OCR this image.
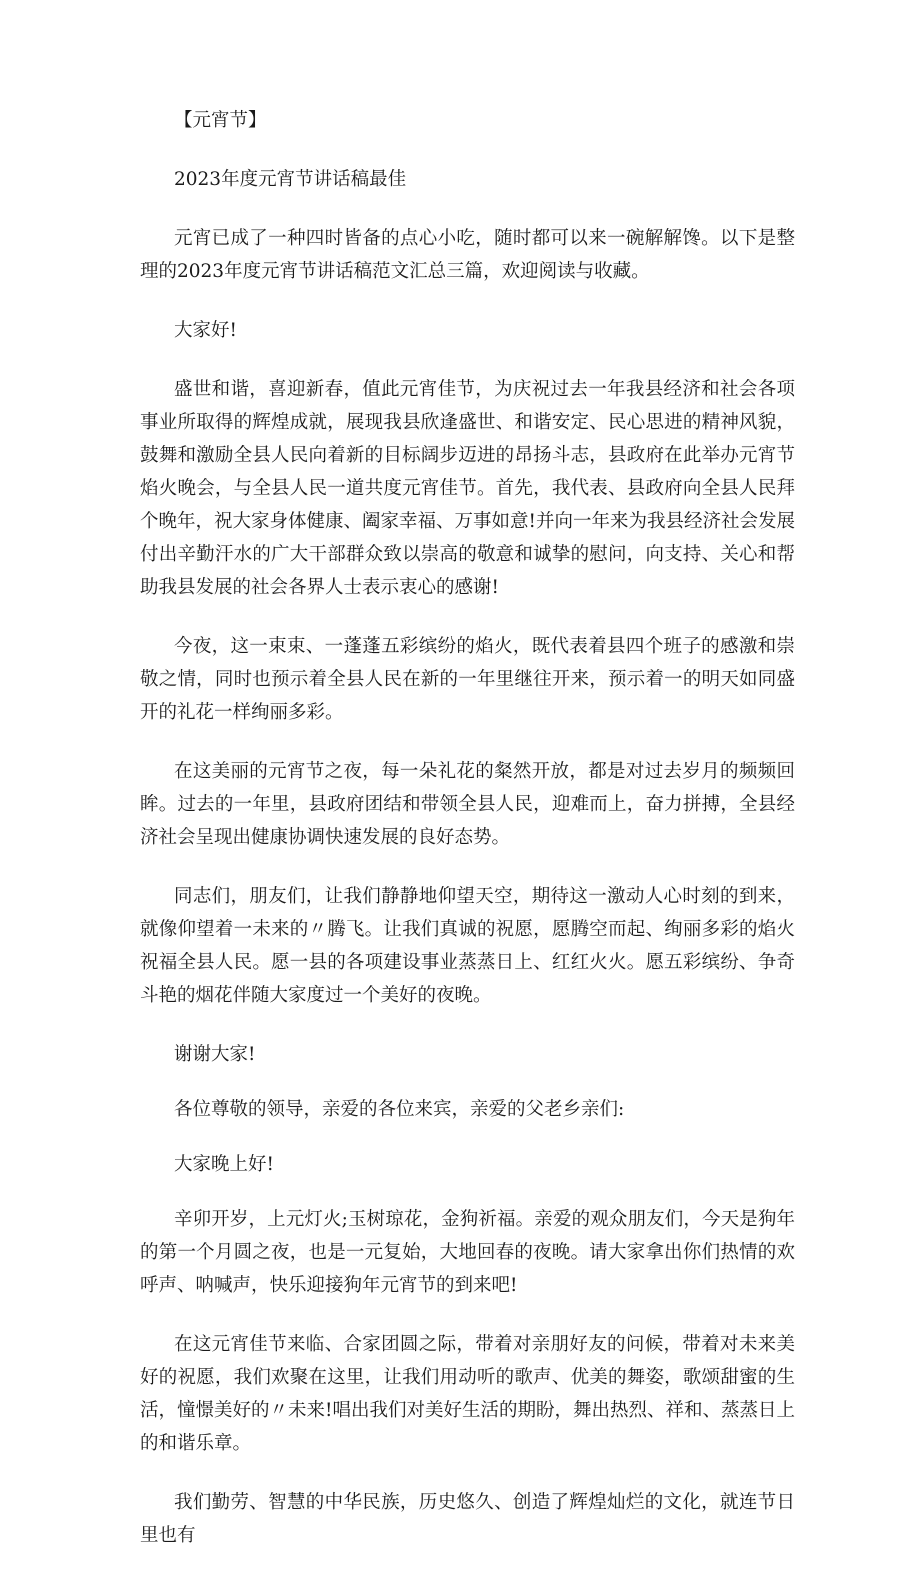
【元宵节】

2023年度元宵节讲话稿最佳

元宵已成了一种四时皆备的点心小吃，随时都可以来一碗解解馋。以下是整理的2023年度元宵节讲话稿范文汇总三篇，欢迎阅读与收藏。

大家好!

盛世和谐，喜迎新春，值此元宵佳节，为庆祝过去一年我县经济和社会各项事业所取得的辉煌成就，展现我县欣逢盛世、和谐安定、民心思进的精神风貌，鼓舞和激励全县人民向着新的目标阔步迈进的昂扬斗志，县政府在此举办元宵节焰火晚会，与全县人民一道共度元宵佳节。首先，我代表、县政府向全县人民拜个晚年，祝大家身体健康、阖家幸福、万事如意!并向一年来为我县经济社会发展付出辛勤汗水的广大干部群众致以崇高的敬意和诚挚的慰问，向支持、关心和帮助我县发展的社会各界人士表示衷心的感谢!

今夜，这一束束、一蓬蓬五彩缤纷的焰火，既代表着县四个班子的感激和崇敬之情，同时也预示着全县人民在新的一年里继往开来，预示着一的明天如同盛开的礼花一样绚丽多彩。

在这美丽的元宵节之夜，每一朵礼花的粲然开放，都是对过去岁月的频频回眸。过去的一年里，县政府团结和带领全县人民，迎难而上，奋力拼搏，全县经济社会呈现出健康协调快速发展的良好态势。

同志们，朋友们，让我们静静地仰望天空，期待这一激动人心时刻的到来，就像仰望着一未来的〃腾飞。让我们真诚的祝愿，愿腾空而起、绚丽多彩的焰火祝福全县人民。愿一县的各项建设事业蒸蒸日上、红红火火。愿五彩缤纷、争奇斗艳的烟花伴随大家度过一个美好的夜晚。

谢谢大家!

各位尊敬的领导，亲爱的各位来宾，亲爱的父老乡亲们:

大家晚上好!

辛卯开岁，上元灯火;玉树琼花，金狗祈福。亲爱的观众朋友们，今天是狗年的第一个月圆之夜，也是一元复始，大地回春的夜晚。请大家拿出你们热情的欢呼声、呐喊声，快乐迎接狗年元宵节的到来吧!

在这元宵佳节来临、合家团圆之际，带着对亲朋好友的问候，带着对未来美好的祝愿，我们欢聚在这里，让我们用动听的歌声、优美的舞姿，歌颂甜蜜的生活，憧憬美好的〃未来!唱出我们对美好生活的期盼，舞出热烈、祥和、蒸蒸日上的和谐乐章。

我们勤劳、智慧的中华民族，历史悠久、创造了辉煌灿烂的文化，就连节日里也有
